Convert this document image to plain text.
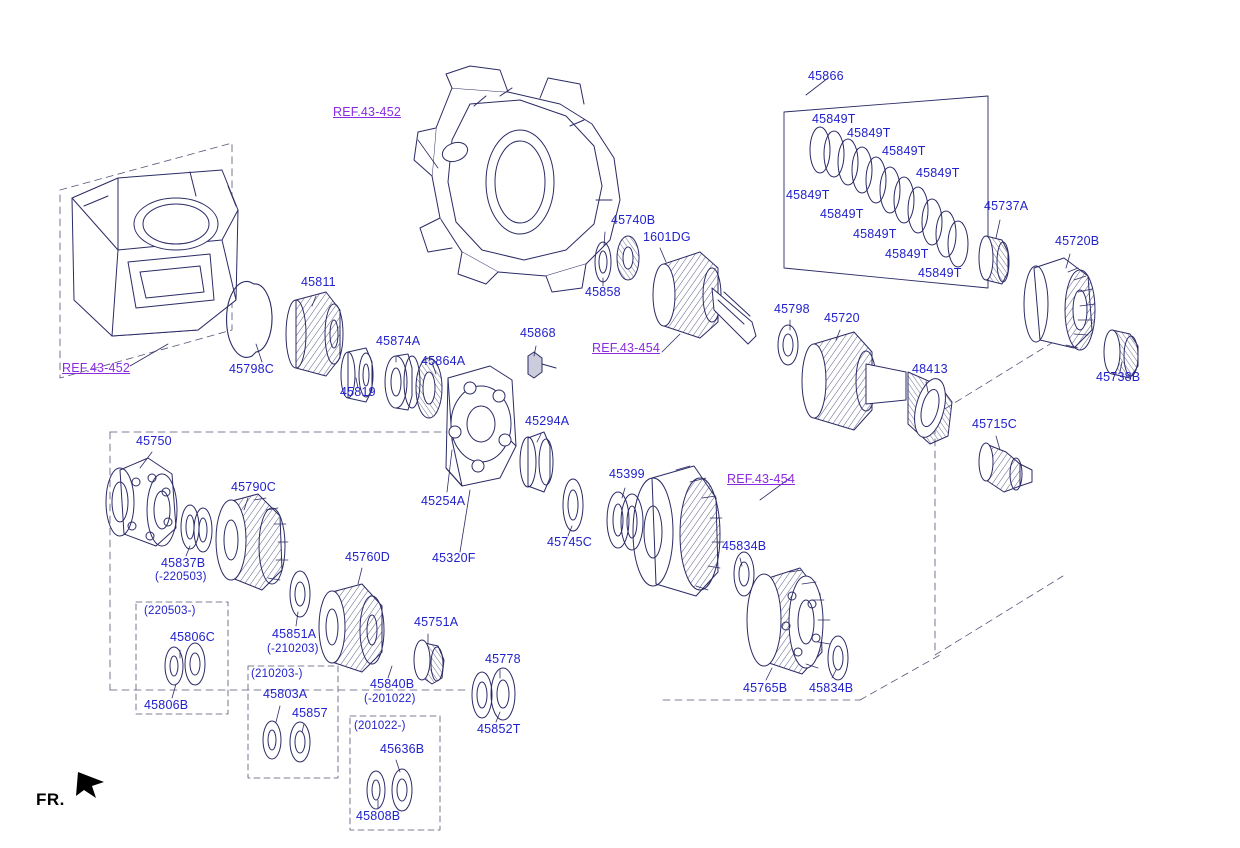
REF.43-452
REF.43-452
REF.43-454
REF.43-454
45866
45849T
45849T
45849T
45849T
45849T
45849T
45849T
45849T
45849T
45737A
45720B
45738B
45740B
1601DG
45858
45798
45720
48413
45715C
45811
45798C
45819
45874A
45864A
45868
45294A
45254A
45320F
45745C
45399
45750
45790C
45837B
(-220503)
(220503-)
45806C
45806B
45851A
(-210203)
(210203-)
45803A
45857
45760D
45751A
45840B
(-201022)
(201022-)
45636B
45808B
45778
45852T
45834B
45834B
45765B
FR.
